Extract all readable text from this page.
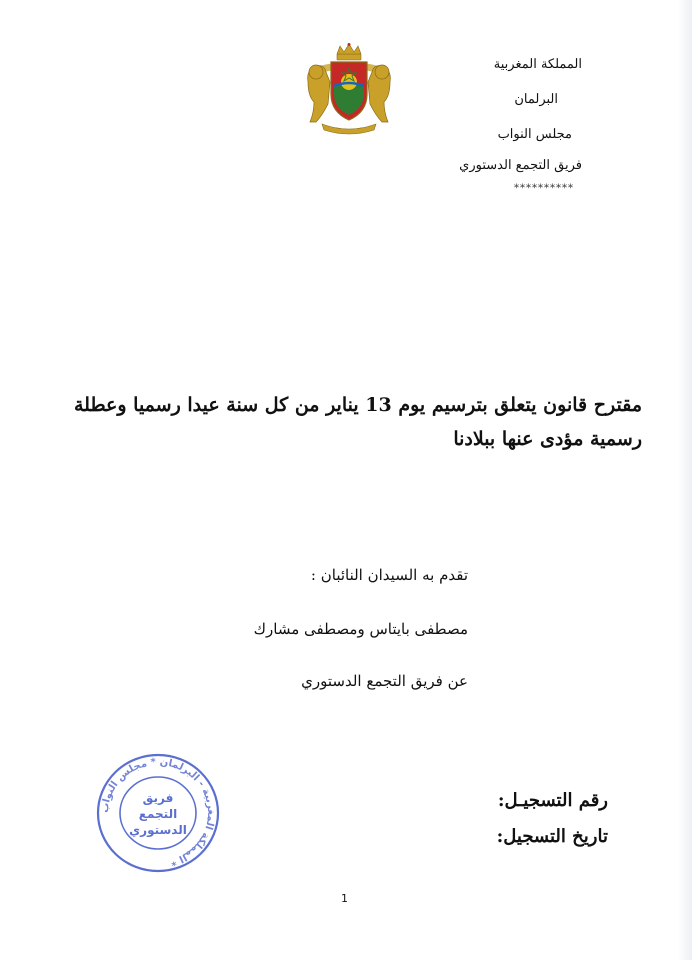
المملكة المغربية
البرلمان
مجلس النواب
فريق التجمع الدستوري
**********
مقترح قانون يتعلق بترسيم يوم 13 يناير من كل سنة عيدا رسميا وعطلة رسمية مؤدى عنها ببلادنا
تقدم به السيدان النائبان :
مصطفى بايتاس ومصطفى مشارك
عن فريق التجمع الدستوري
رقم التسجيـل:
تاريخ التسجيل:
المملكة المغربية - البرلمان * مجلس النواب *
فريق
التجمع
الدستوري
1
